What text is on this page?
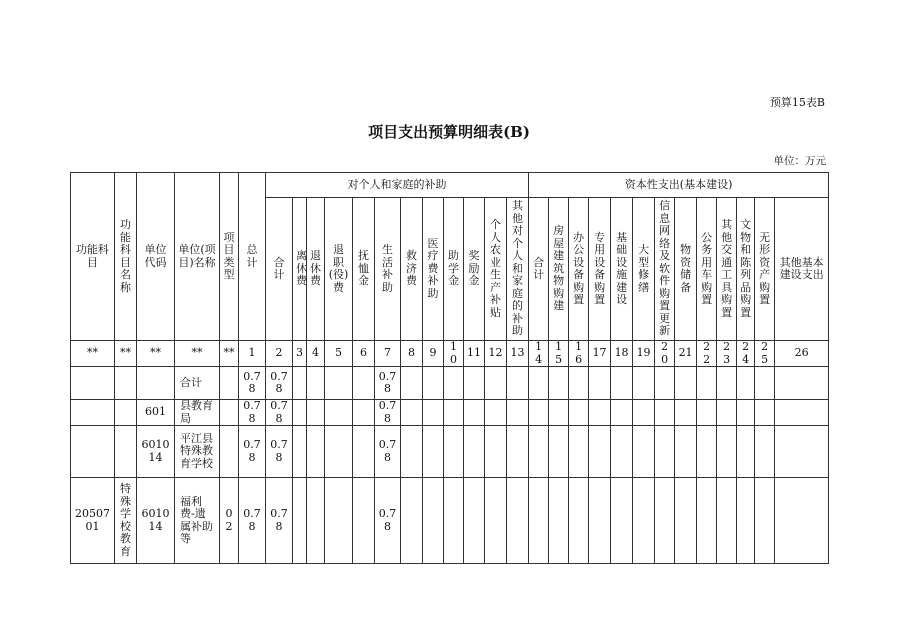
预算15表B
项目支出预算明细表(B)
单位：万元
功能科目	功能科目名称	单位代码	单位(项目)名称	项目类型	总计	对个人和家庭的补助												资本性支出(基本建设)												
						合计	离休费	退休费	退职(役)费	抚恤金	生活补助	救济费	医疗费补助	助学金	奖励金	个人农业生产补贴	其他对个人和家庭的补助	合计	房屋建筑物购建	办公设备购置	专用设备购置	基础设施建设	大型修缮	信息网络及软件购置更新	物资储备	公务用车购置	其他交通工具购置	文物和陈列品购置	无形资产购置	其他基本建设支出
**	**	**	**	**	1	2	3	4	5	6	7	8	9	10	11	12	13	14	15	16	17	18	19	20	21	22	23	24	25	26
			合计		0.78	0.78					0.78																			
		601	县教育局		0.78	0.78					0.78																			
		601014	平江县特殊教育学校		0.78	0.78					0.78																			
2050701	特殊学校教育	601014	福利费-遗属补助等	02	0.78	0.78					0.78																			
